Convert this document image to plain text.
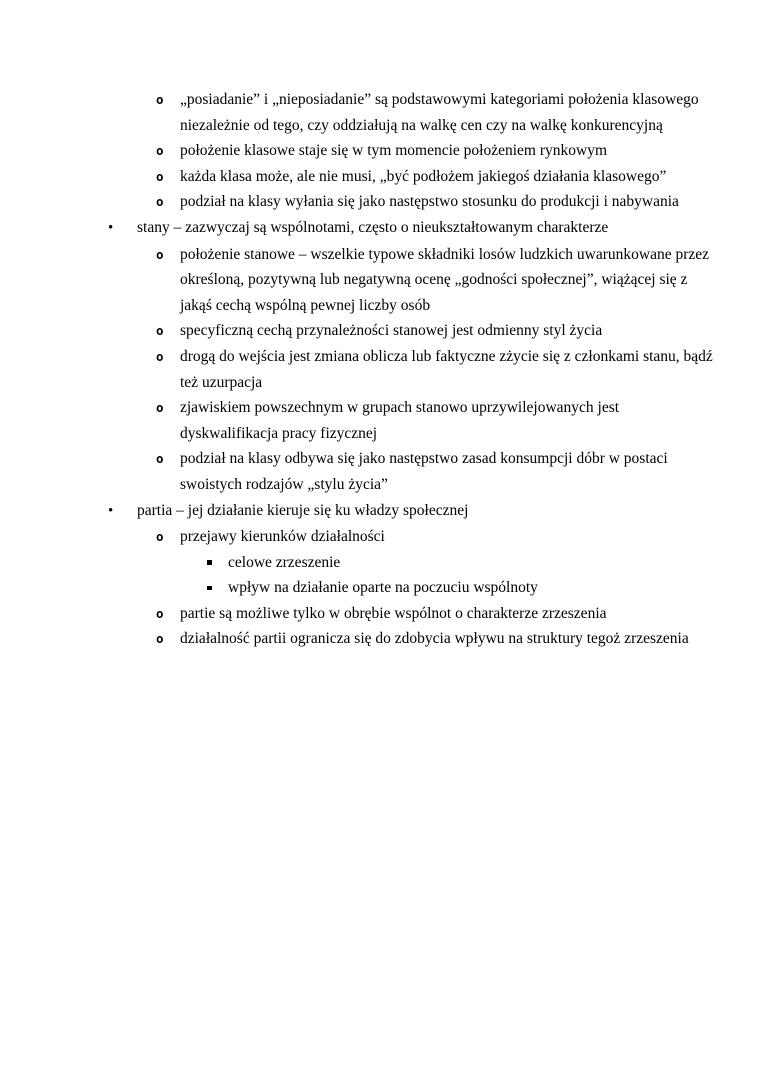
o	„posiadanie” i „nieposiadanie” są podstawowymi kategoriami położenia klasowego
niezależnie od tego, czy oddziałują na walkę cen czy na walkę konkurencyjną
o	położenie klasowe staje się w tym momencie położeniem rynkowym
o	każda klasa może, ale nie musi, „być podłożem jakiegoś działania klasowego”
o	podział na klasy wyłania się jako następstwo stosunku do produkcji i nabywania
•	stany – zazwyczaj są wspólnotami, często o nieukształtowanym charakterze
o	położenie stanowe – wszelkie typowe składniki losów ludzkich uwarunkowane przez
określoną, pozytywną lub negatywną ocenę „godności społecznej”, wiążącej się z
jakąś cechą wspólną pewnej liczby osób
o	specyficzną cechą przynależności stanowej jest odmienny styl życia
o	drogą do wejścia jest zmiana oblicza lub faktyczne zżycie się z członkami stanu, bądź
też uzurpacja
o	zjawiskiem powszechnym w grupach stanowo uprzywilejowanych jest
dyskwalifikacja pracy fizycznej
o	podział na klasy odbywa się jako następstwo zasad konsumpcji dóbr w postaci
swoistych rodzajów „stylu życia”
•	partia – jej działanie kieruje się ku władzy społecznej
o	przejawy kierunków działalności
celowe zrzeszenie
wpływ na działanie oparte na poczuciu wspólnoty
o	partie są możliwe tylko w obrębie wspólnot o charakterze zrzeszenia
o	działalność partii ogranicza się do zdobycia wpływu na struktury tegoż zrzeszenia
